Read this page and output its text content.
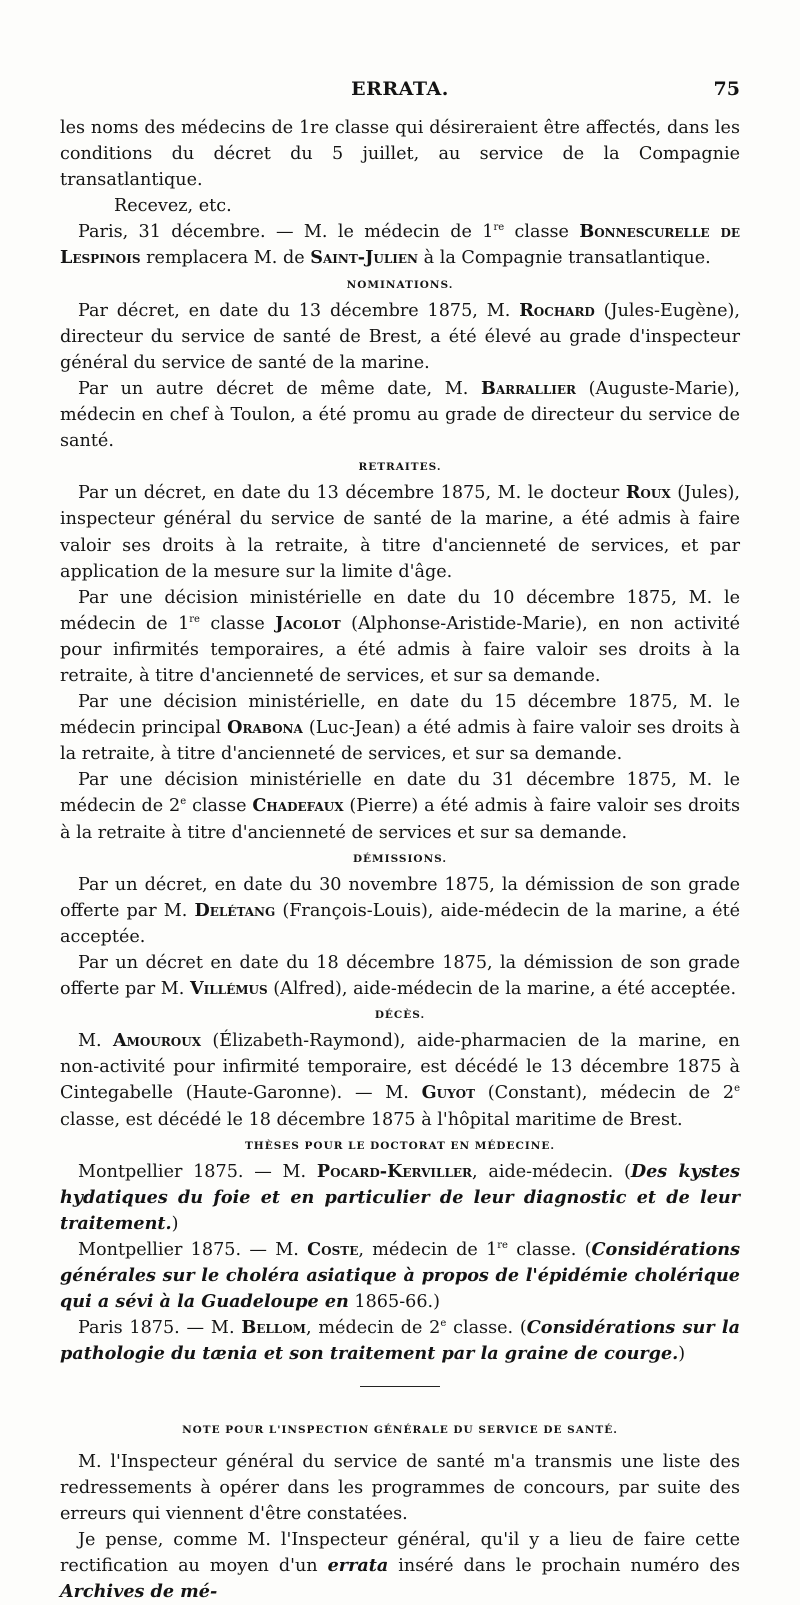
ERRATA.	75

les noms des médecins de 1re classe qui désireraient être affectés, dans les conditions du décret du 5 juillet, au service de la Compagnie transatlantique.

Recevez, etc.

Paris, 31 décembre. — M. le médecin de 1re classe Bonnescurelle de Lespinois remplacera M. de Saint-Julien à la Compagnie transatlantique.

NOMINATIONS.

Par décret, en date du 13 décembre 1875, M. Rochard (Jules-Eugène), directeur du service de santé de Brest, a été élevé au grade d'inspecteur général du service de santé de la marine.

Par un autre décret de même date, M. Barrallier (Auguste-Marie), médecin en chef à Toulon, a été promu au grade de directeur du service de santé.

RETRAITES.

Par un décret, en date du 13 décembre 1875, M. le docteur Roux (Jules), inspecteur général du service de santé de la marine, a été admis à faire valoir ses droits à la retraite, à titre d'ancienneté de services, et par application de la mesure sur la limite d'âge.

Par une décision ministérielle en date du 10 décembre 1875, M. le médecin de 1re classe Jacolot (Alphonse-Aristide-Marie), en non activité pour infirmités temporaires, a été admis à faire valoir ses droits à la retraite, à titre d'ancienneté de services, et sur sa demande.

Par une décision ministérielle, en date du 15 décembre 1875, M. le médecin principal Orabona (Luc-Jean) a été admis à faire valoir ses droits à la retraite, à titre d'ancienneté de services, et sur sa demande.

Par une décision ministérielle en date du 31 décembre 1875, M. le médecin de 2e classe Chadefaux (Pierre) a été admis à faire valoir ses droits à la retraite à titre d'ancienneté de services et sur sa demande.

DÉMISSIONS.

Par un décret, en date du 30 novembre 1875, la démission de son grade offerte par M. Delétang (François-Louis), aide-médecin de la marine, a été acceptée.

Par un décret en date du 18 décembre 1875, la démission de son grade offerte par M. Villémus (Alfred), aide-médecin de la marine, a été acceptée.

DÉCÈS.

M. Amouroux (Élizabeth-Raymond), aide-pharmacien de la marine, en non-activité pour infirmité temporaire, est décédé le 13 décembre 1875 à Cintegabelle (Haute-Garonne). — M. Guyot (Constant), médecin de 2e classe, est décédé le 18 décembre 1875 à l'hôpital maritime de Brest.

THÈSES POUR LE DOCTORAT EN MÉDECINE.

Montpellier 1875. — M. Pocard-Kerviller, aide-médecin. (Des kystes hydatiques du foie et en particulier de leur diagnostic et de leur traitement.)

Montpellier 1875. — M. Coste, médecin de 1re classe. (Considérations générales sur le choléra asiatique à propos de l'épidémie cholérique qui a sévi à la Guadeloupe en 1865-66.)

Paris 1875. — M. Bellom, médecin de 2e classe. (Considérations sur la pathologie du tænia et son traitement par la graine de courge.)

NOTE POUR L'INSPECTION GÉNÉRALE DU SERVICE DE SANTÉ.

M. l'Inspecteur général du service de santé m'a transmis une liste des redressements à opérer dans les programmes de concours, par suite des erreurs qui viennent d'être constatées.

Je pense, comme M. l'Inspecteur général, qu'il y a lieu de faire cette rectification au moyen d'un errata inséré dans le prochain numéro des Archives de mé-
